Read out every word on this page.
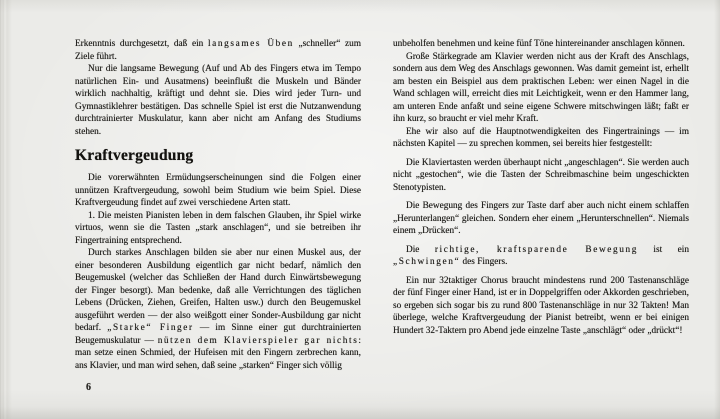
Erkenntnis durchgesetzt, daß ein langsames Üben „schneller“ zum Ziele führt.

Nur die langsame Bewegung (Auf und Ab des Fingers etwa im Tempo natürlichen Ein- und Ausatmens) beeinflußt die Muskeln und Bänder wirklich nachhaltig, kräftigt und dehnt sie. Dies wird jeder Turn- und Gymnastiklehrer bestätigen. Das schnelle Spiel ist erst die Nutzanwendung durchtrainierter Muskulatur, kann aber nicht am Anfang des Studiums stehen.

Kraftvergeudung

Die vorerwähnten Ermüdungserscheinungen sind die Folgen einer unnützen Kraftvergeudung, sowohl beim Studium wie beim Spiel. Diese Kraftvergeudung findet auf zwei verschiedene Arten statt.

1. Die meisten Pianisten leben in dem falschen Glauben, ihr Spiel wirke virtuos, wenn sie die Tasten „stark anschlagen“, und sie betreiben ihr Fingertraining entsprechend.

Durch starkes Anschlagen bilden sie aber nur einen Muskel aus, der einer besonderen Ausbildung eigentlich gar nicht bedarf, nämlich den Beugemuskel (welcher das Schließen der Hand durch Einwärtsbewegung der Finger besorgt). Man bedenke, daß alle Verrichtungen des täglichen Lebens (Drücken, Ziehen, Greifen, Halten usw.) durch den Beugemuskel ausgeführt werden — der also weißgott einer Sonder-Ausbildung gar nicht bedarf. „Starke“ Finger — im Sinne einer gut durchtrainierten Beugemuskulatur — nützen dem Klavierspieler gar nichts: man setze einen Schmied, der Hufeisen mit den Fingern zerbrechen kann, ans Klavier, und man wird sehen, daß seine „starken“ Finger sich völlig

unbeholfen benehmen und keine fünf Töne hintereinander anschlagen können.

Große Stärkegrade am Klavier werden nicht aus der Kraft des Anschlags, sondern aus dem Weg des Anschlags gewonnen. Was damit gemeint ist, erhellt am besten ein Beispiel aus dem praktischen Leben: wer einen Nagel in die Wand schlagen will, erreicht dies mit Leichtigkeit, wenn er den Hammer lang, am unteren Ende anfaßt und seine eigene Schwere mitschwingen läßt; faßt er ihn kurz, so braucht er viel mehr Kraft.

Ehe wir also auf die Hauptnotwendigkeiten des Fingertrainings — im nächsten Kapitel — zu sprechen kommen, sei bereits hier festgestellt:

Die Klaviertasten werden überhaupt nicht „angeschlagen“. Sie werden auch nicht „gestochen“, wie die Tasten der Schreibmaschine beim ungeschickten Stenotypisten.

Die Bewegung des Fingers zur Taste darf aber auch nicht einem schlaffen „Herunterlangen“ gleichen. Sondern eher einem „Herunterschnellen“. Niemals einem „Drücken“.

Die richtige, kraftsparende Bewegung ist ein „Schwingen“ des Fingers.

Ein nur 32taktiger Chorus braucht mindestens rund 200 Tastenanschläge der fünf Finger einer Hand, ist er in Doppelgriffen oder Akkorden geschrieben, so ergeben sich sogar bis zu rund 800 Tastenanschläge in nur 32 Takten! Man überlege, welche Kraftvergeudung der Pianist betreibt, wenn er bei einigen Hundert 32-Taktern pro Abend jede einzelne Taste „anschlägt“ oder „drückt“!

6
